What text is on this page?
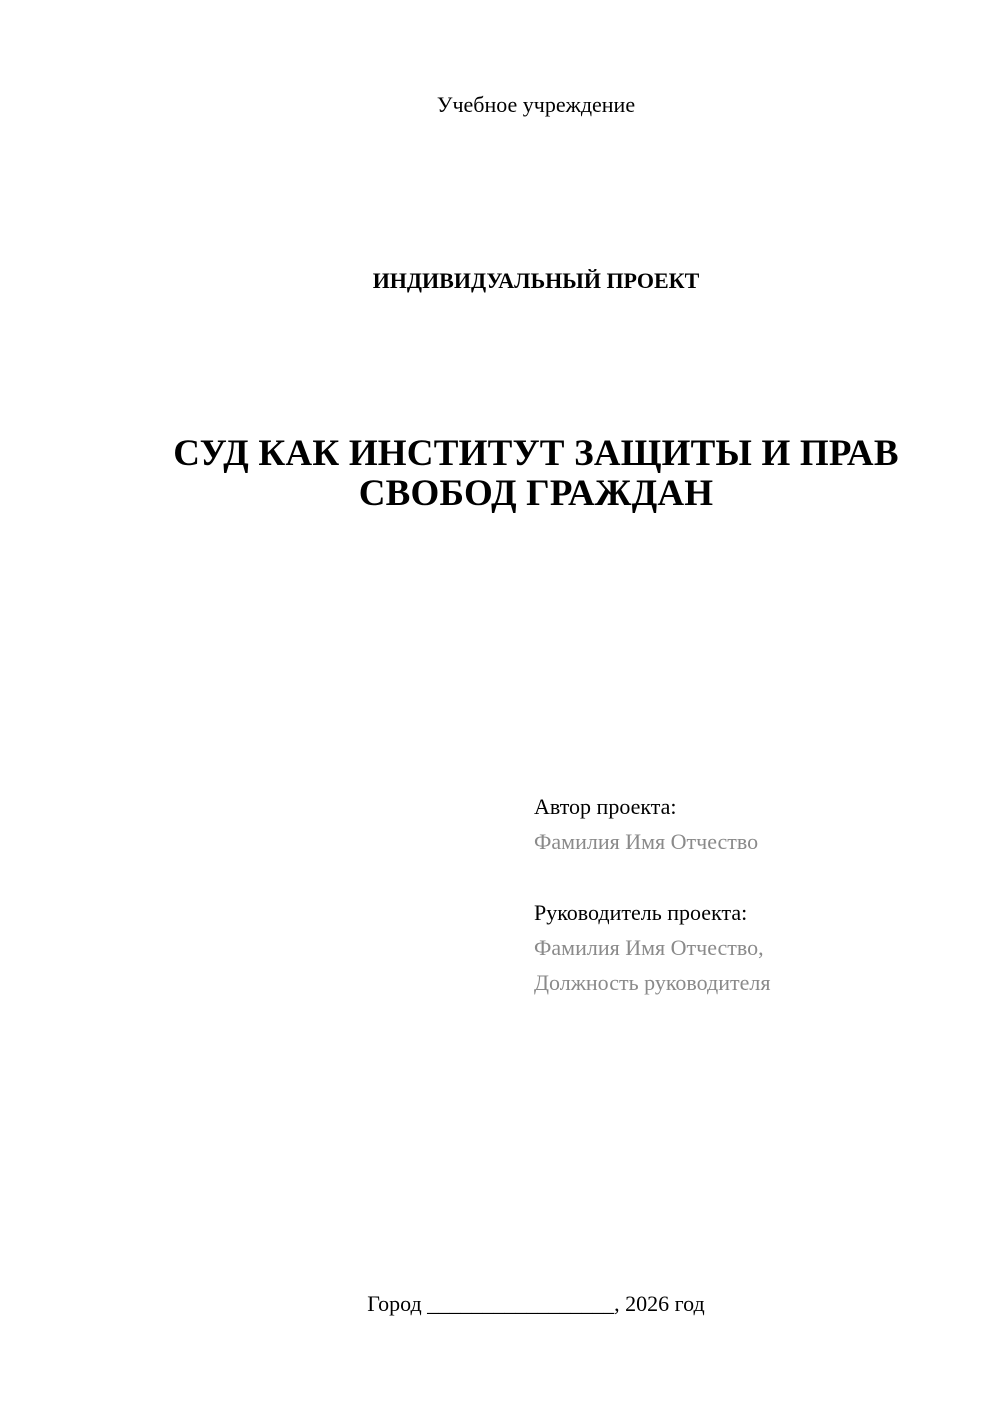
Учебное учреждение
ИНДИВИДУАЛЬНЫЙ ПРОЕКТ
СУД КАК ИНСТИТУТ ЗАЩИТЫ И ПРАВ
СВОБОД ГРАЖДАН
Автор проекта:
Фамилия Имя Отчество
Руководитель проекта:
Фамилия Имя Отчество,
Должность руководителя
Город _________________, 2026 год
